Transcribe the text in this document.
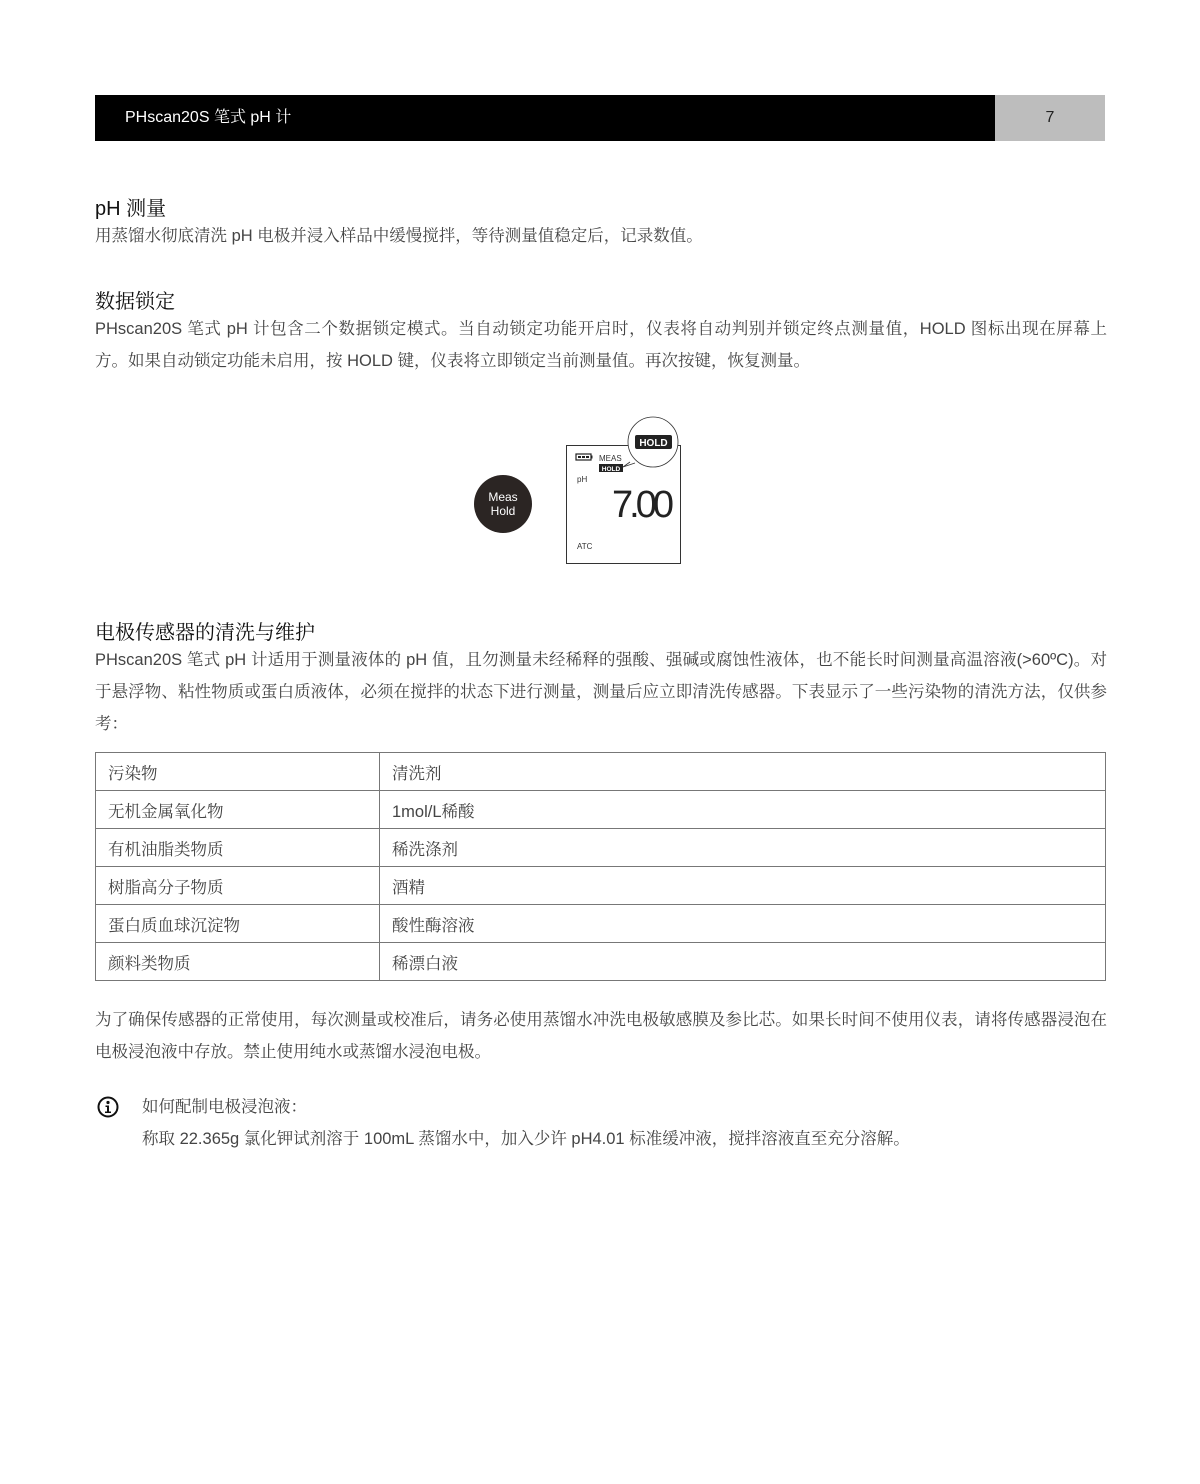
PHscan20S 笔式 pH 计	7
pH 测量

用蒸馏水彻底清洗 pH 电极并浸入样品中缓慢搅拌，等待测量值稳定后，记录数值。

数据锁定

PHscan20S 笔式 pH 计包含二个数据锁定模式。当自动锁定功能开启时，仪表将自动判别并锁定终点测量值，HOLD 图标出现在屏幕上方。如果自动锁定功能未启用，按 HOLD 键，仪表将立即锁定当前测量值。再次按键，恢复测量。

Meas
Hold
HOLD
MEAS
HOLD
pH
7.00
ATC
电极传感器的清洗与维护

PHscan20S 笔式 pH 计适用于测量液体的 pH 值，且勿测量未经稀释的强酸、强碱或腐蚀性液体，也不能长时间测量高温溶液(>60ºC)。对于悬浮物、粘性物质或蛋白质液体，必须在搅拌的状态下进行测量，测量后应立即清洗传感器。下表显示了一些污染物的清洗方法，仅供参考：

污染物	清洗剂
无机金属氧化物	1mol/L稀酸
有机油脂类物质	稀洗涤剂
树脂高分子物质	酒精
蛋白质血球沉淀物	酸性酶溶液
颜料类物质	稀漂白液

为了确保传感器的正常使用，每次测量或校准后，请务必使用蒸馏水冲洗电极敏感膜及参比芯。如果长时间不使用仪表，请将传感器浸泡在电极浸泡液中存放。禁止使用纯水或蒸馏水浸泡电极。

如何配制电极浸泡液：
称取 22.365g 氯化钾试剂溶于 100mL 蒸馏水中，加入少许 pH4.01 标准缓冲液，搅拌溶液直至充分溶解。
